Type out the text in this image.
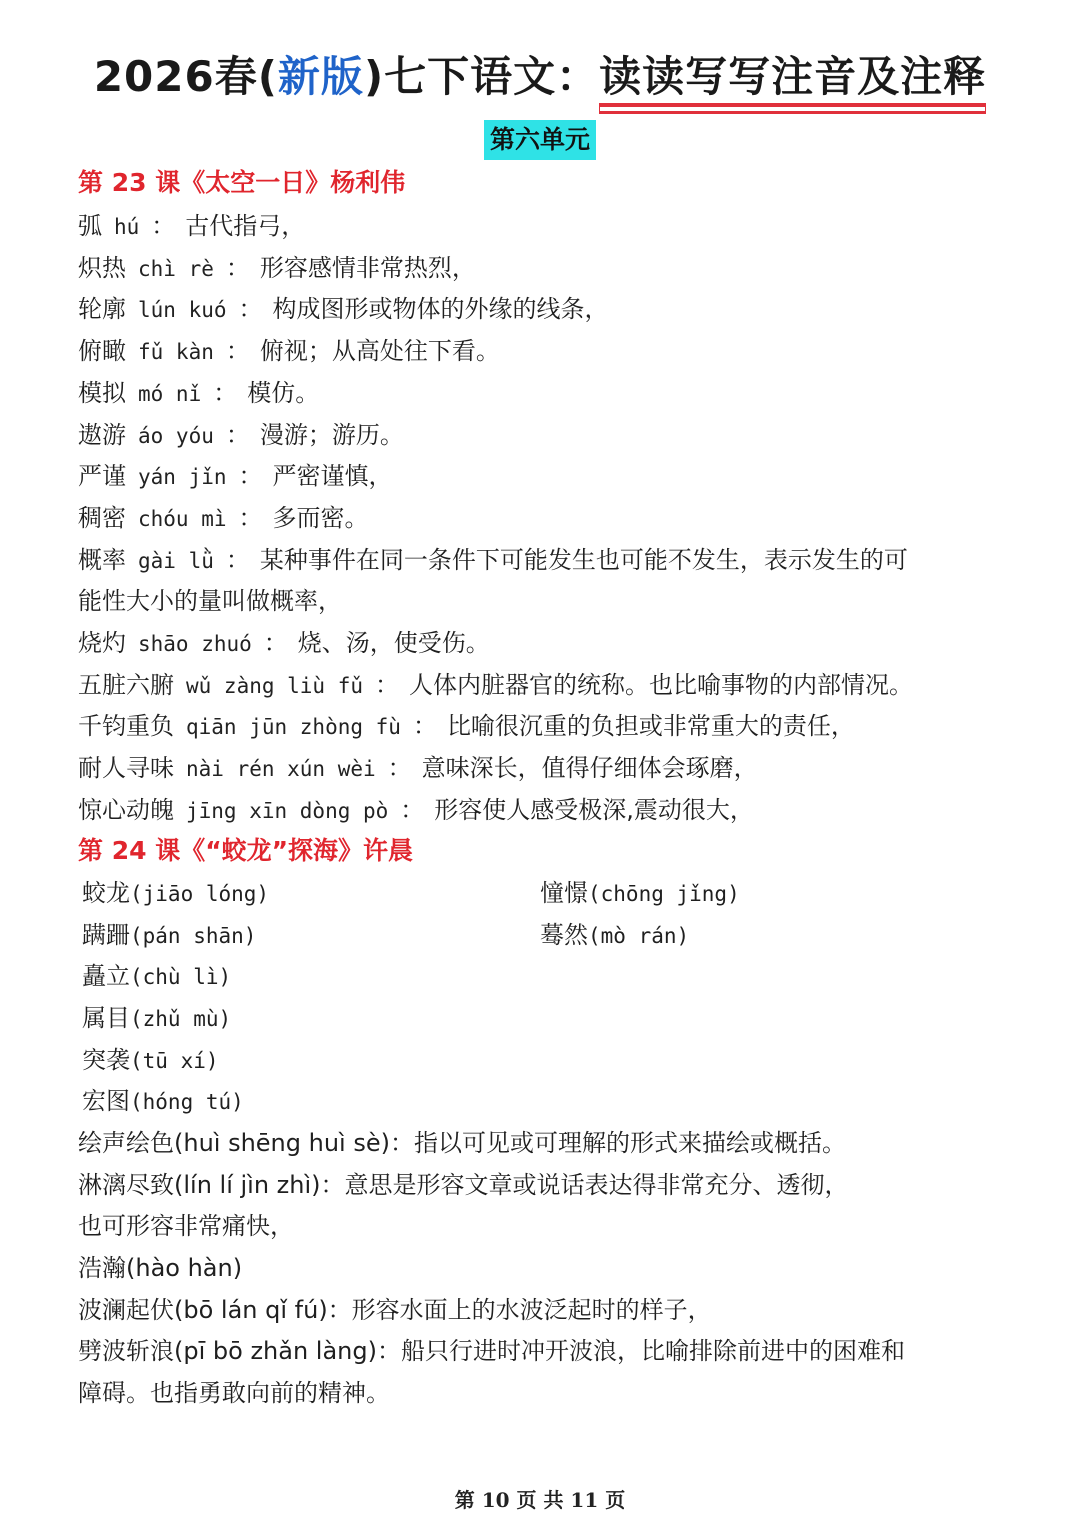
2026春(新版)七下语文：读读写写注音及注释
第六单元
第 23 课《太空一日》杨利伟
弧 hú ： 古代指弓，
炽热 chì rè ： 形容感情非常热烈，
轮廓 lún kuó ： 构成图形或物体的外缘的线条，
俯瞰 fǔ kàn ： 俯视；从高处往下看。
模拟 mó nǐ ： 模仿。
遨游 áo yóu ： 漫游；游历。
严谨 yán jǐn ： 严密谨慎，
稠密 chóu mì ： 多而密。
概率 gài lǜ ： 某种事件在同一条件下可能发生也可能不发生，表示发生的可
能性大小的量叫做概率，
烧灼 shāo zhuó ： 烧、汤，使受伤。
五脏六腑 wǔ zàng liù fǔ ： 人体内脏器官的统称。也比喻事物的内部情况。
千钧重负 qiān jūn zhòng fù ： 比喻很沉重的负担或非常重大的责任，
耐人寻味 nài rén xún wèi ： 意味深长，值得仔细体会琢磨，
惊心动魄 jīng xīn dòng pò ： 形容使人感受极深,震动很大，
第 24 课《“蛟龙”探海》许晨
蛟龙(jiāo lóng)	憧憬(chōng jǐng)
蹒跚(pán shān)	蓦然(mò rán)
矗立(chù lì)
属目(zhǔ mù)
突袭(tū xí)
宏图(hóng tú)
绘声绘色(huì shēng huì sè)：指以可见或可理解的形式来描绘或概括。
淋漓尽致(lín lí jìn zhì)：意思是形容文章或说话表达得非常充分、透彻，
也可形容非常痛快，
浩瀚(hào hàn)
波澜起伏(bō lán qǐ fú)：形容水面上的水波泛起时的样子，
劈波斩浪(pī bō zhǎn làng)：船只行进时冲开波浪，比喻排除前进中的困难和
障碍。也指勇敢向前的精神。
第 10 页 共 11 页
